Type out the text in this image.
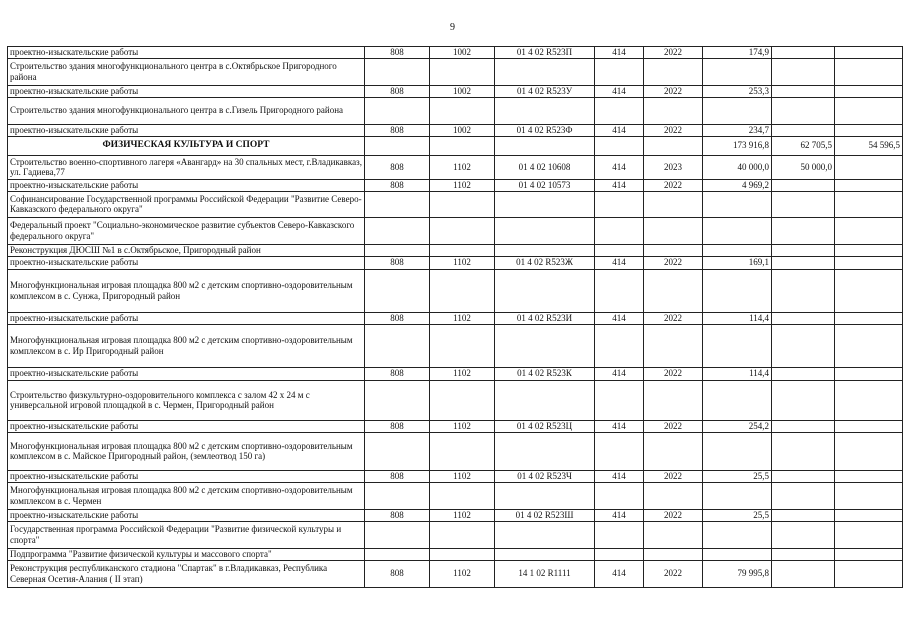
9
проектно-изыскательские работы	808	1002	01 4 02 R523П	414	2022	174,9		
Строительство здания многофункционального центра в с.Октябрьское Пригородного района								
проектно-изыскательские работы	808	1002	01 4 02 R523У	414	2022	253,3		
Строительство здания многофункционального центра в с.Гизель Пригородного района								
проектно-изыскательские работы	808	1002	01 4 02 R523Ф	414	2022	234,7		
ФИЗИЧЕСКАЯ КУЛЬТУРА И СПОРТ						173 916,8	62 705,5	54 596,5
Строительство военно-спортивного лагеря «Авангард» на 30 спальных мест, г.Владикавказ, ул. Гадиева,77	808	1102	01 4 02 10608	414	2023	40 000,0	50 000,0	
проектно-изыскательские работы	808	1102	01 4 02 10573	414	2022	4 969,2		
Софинансирование Государственной программы Российской Федерации "Развитие Северо-Кавказского федерального округа"								
Федеральный проект "Социально-экономическое развитие субъектов Северо-Кавказского федерального округа"								
Реконструкция ДЮСШ №1 в с.Октябрьское, Пригородный район								
проектно-изыскательские работы	808	1102	01 4 02 R523Ж	414	2022	169,1		
Многофункциональная игровая площадка 800 м2 с детским спортивно-оздоровительным комплексом в с. Сунжа, Пригородный район								
проектно-изыскательские работы	808	1102	01 4 02 R523И	414	2022	114,4		
Многофункциональная игровая площадка 800 м2 с детским спортивно-оздоровительным комплексом в с. Ир Пригородный район								
проектно-изыскательские работы	808	1102	01 4 02 R523К	414	2022	114,4		
Строительство физкультурно-оздоровительного комплекса с залом 42 х 24 м с универсальной игровой площадкой в с. Чермен, Пригородный район								
проектно-изыскательские работы	808	1102	01 4 02 R523Ц	414	2022	254,2		
Многофункциональная игровая площадка 800 м2 с детским спортивно-оздоровительным комплексом в с. Майское Пригородный район, (землеотвод 150 га)								
проектно-изыскательские работы	808	1102	01 4 02 R523Ч	414	2022	25,5		
Многофункциональная игровая площадка 800 м2 с детским спортивно-оздоровительным комплексом в с. Чермен								
проектно-изыскательские работы	808	1102	01 4 02 R523Ш	414	2022	25,5		
Государственная программа Российской Федерации "Развитие физической культуры и спорта"								
Подпрограмма "Развитие физической культуры и массового спорта"								
Реконструкция республиканского стадиона "Спартак" в г.Владикавказ, Республика Северная Осетия-Алания ( II этап)	808	1102	14 1 02 R1111	414	2022	79 995,8		
